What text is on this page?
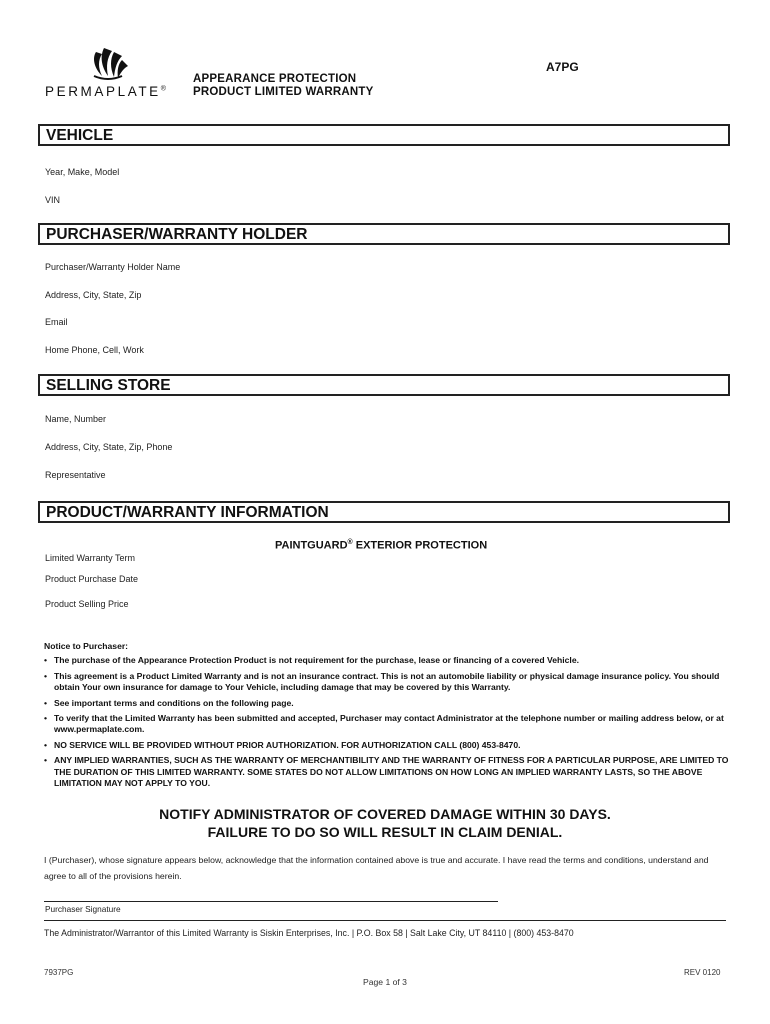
PERMAPLATE®
APPEARANCE PROTECTION
PRODUCT LIMITED WARRANTY
A7PG
VEHICLE
Year, Make, Model
VIN
PURCHASER/WARRANTY HOLDER
Purchaser/Warranty Holder Name
Address, City, State, Zip
Email
Home Phone, Cell, Work
SELLING STORE
Name, Number
Address, City, State, Zip, Phone
Representative
PRODUCT/WARRANTY INFORMATION
PAINTGUARD® EXTERIOR PROTECTION
Limited Warranty Term
Product Purchase Date
Product Selling Price
Notice to Purchaser:
• The purchase of the Appearance Protection Product is not requirement for the purchase, lease or financing of a covered Vehicle.
• This agreement is a Product Limited Warranty and is not an insurance contract. This is not an automobile liability or physical damage insurance policy. You should obtain Your own insurance for damage to Your Vehicle, including damage that may be covered by this Warranty.
• See important terms and conditions on the following page.
• To verify that the Limited Warranty has been submitted and accepted, Purchaser may contact Administrator at the telephone number or mailing address below, or at www.permaplate.com.
• NO SERVICE WILL BE PROVIDED WITHOUT PRIOR AUTHORIZATION. FOR AUTHORIZATION CALL (800) 453-8470.
• ANY IMPLIED WARRANTIES, SUCH AS THE WARRANTY OF MERCHANTIBILITY AND THE WARRANTY OF FITNESS FOR A PARTICULAR PURPOSE, ARE LIMITED TO THE DURATION OF THIS LIMITED WARRANTY. SOME STATES DO NOT ALLOW LIMITATIONS ON HOW LONG AN IMPLIED WARRANTY LASTS, SO THE ABOVE LIMITATION MAY NOT APPLY TO YOU.
NOTIFY ADMINISTRATOR OF COVERED DAMAGE WITHIN 30 DAYS.
FAILURE TO DO SO WILL RESULT IN CLAIM DENIAL.
I (Purchaser), whose signature appears below, acknowledge that the information contained above is true and accurate. I have read the terms and conditions, understand and agree to all of the provisions herein.
Purchaser Signature
The Administrator/Warrantor of this Limited Warranty is Siskin Enterprises, Inc. | P.O. Box 58 | Salt Lake City, UT 84110 | (800) 453-8470
7937PG
Page 1 of 3
REV 0120
